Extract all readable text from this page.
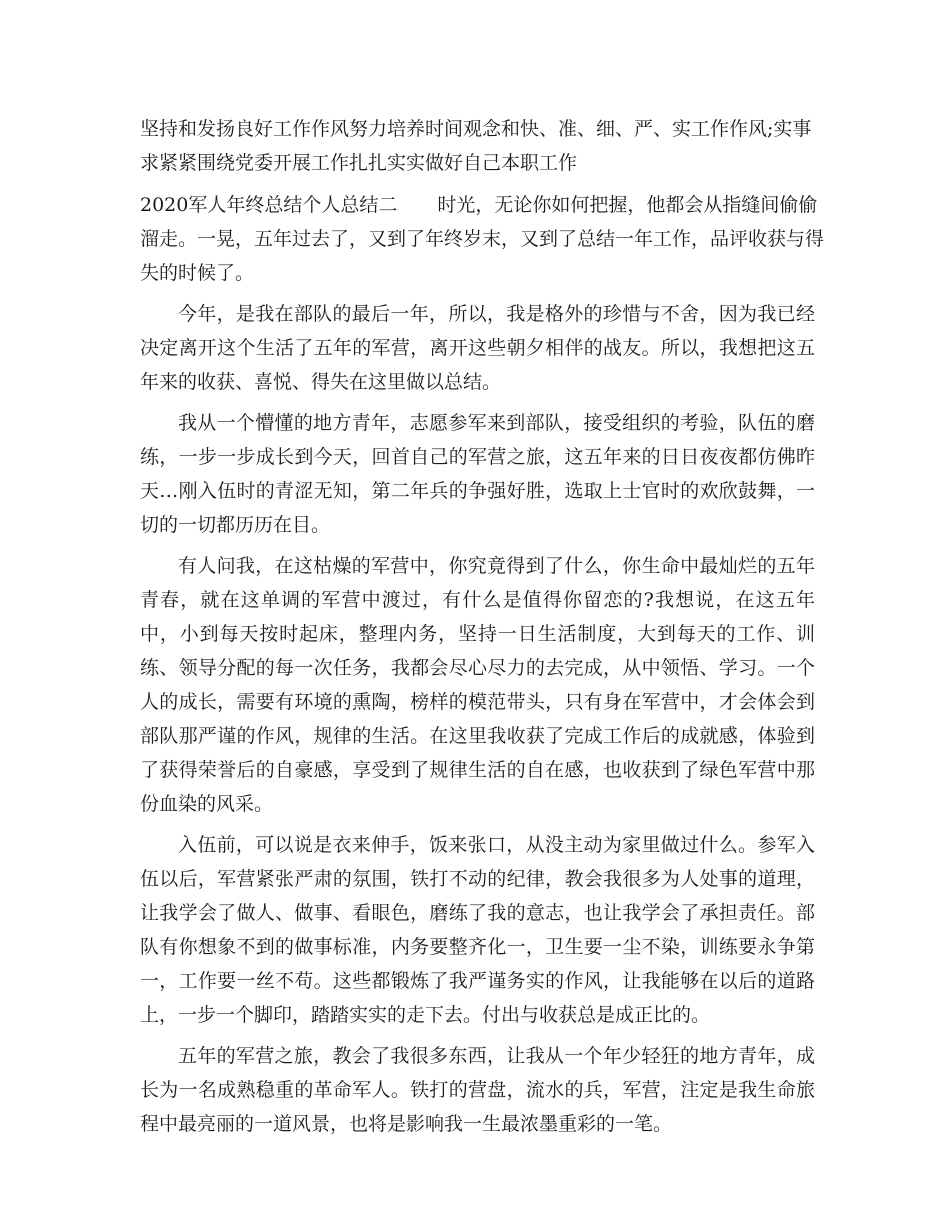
坚持和发扬良好工作作风努力培养时间观念和快、准、细、严、实工作作风;实事
求紧紧围绕党委开展工作扎扎实实做好自己本职工作
2020军人年终总结个人总结二 时光，无论你如何把握，他都会从指缝间偷偷
溜走。一晃，五年过去了，又到了年终岁末，又到了总结一年工作，品评收获与得
失的时候了。

今年，是我在部队的最后一年，所以，我是格外的珍惜与不舍，因为我已经决定离开这个生活了五年的军营，离开这些朝夕相伴的战友。所以，我想把这五年来的收获、喜悦、得失在这里做以总结。

我从一个懵懂的地方青年，志愿参军来到部队，接受组织的考验，队伍的磨练，一步一步成长到今天，回首自己的军营之旅，这五年来的日日夜夜都仿佛昨天…刚入伍时的青涩无知，第二年兵的争强好胜，选取上士官时的欢欣鼓舞，一切的一切都历历在目。

有人问我，在这枯燥的军营中，你究竟得到了什么，你生命中最灿烂的五年青春，就在这单调的军营中渡过，有什么是值得你留恋的?我想说，在这五年中，小到每天按时起床，整理内务，坚持一日生活制度，大到每天的工作、训练、领导分配的每一次任务，我都会尽心尽力的去完成，从中领悟、学习。一个人的成长，需要有环境的熏陶，榜样的模范带头，只有身在军营中，才会体会到部队那严谨的作风，规律的生活。在这里我收获了完成工作后的成就感，体验到了获得荣誉后的自豪感，享受到了规律生活的自在感，也收获到了绿色军营中那份血染的风采。

入伍前，可以说是衣来伸手，饭来张口，从没主动为家里做过什么。参军入伍以后，军营紧张严肃的氛围，铁打不动的纪律，教会我很多为人处事的道理，让我学会了做人、做事、看眼色，磨练了我的意志，也让我学会了承担责任。部队有你想象不到的做事标准，内务要整齐化一，卫生要一尘不染，训练要永争第一，工作要一丝不苟。这些都锻炼了我严谨务实的作风，让我能够在以后的道路上，一步一个脚印，踏踏实实的走下去。付出与收获总是成正比的。

五年的军营之旅，教会了我很多东西，让我从一个年少轻狂的地方青年，成长为一名成熟稳重的革命军人。铁打的营盘，流水的兵，军营，注定是我生命旅程中最亮丽的一道风景，也将是影响我一生最浓墨重彩的一笔。
